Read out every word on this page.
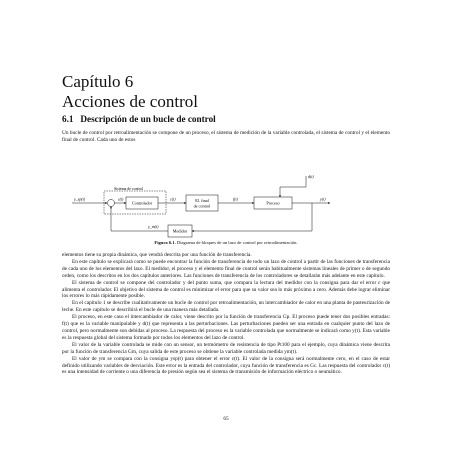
Capítulo 6
Acciones de control
6.1 Descripción de un bucle de control

Un bucle de control por retroalimentación se compone de un proceso, el sistema de medición de la variable controlada, el sistema de control y el elemento final de control. Cada uno de estos

Sistema de control
y_sp(t)	ε(t)
Controlador
c(t)	El. final
de control
f(t)
Proceso
d(t)
y(t)
Medidor
y_m(t)
Figura 6.1. Diagrama de bloques de un lazo de control por retroalimentación.

elementos tiene su propia dinámica, que vendrá descrita por una función de transferencia.

En este capítulo se explicará como se puede encontrar la función de transferencia de todo un lazo de control a partir de las funciones de transferencia de cada uno de los elementos del lazo. El medidor, el proceso y el elemento final de control serán habitualmente sistemas lineales de primer o de segundo orden, como los descritos en los dos capítulos anteriores. Las funciones de transferencia de los controladores se detallarán más adelante en este capítulo.

El sistema de control se compone del controlador y del punto suma, que compara la lectura del medidor con la consigna para dar el error ε que alimenta el controlador. El objetivo del sistema de control es minimizar el error para que su valor sea lo más próximo a cero. Además debe lograr eliminar los errores lo más rápidamente posible.

En el capítulo 1 se describe cualitativamente un bucle de control por retroalimentación, un intercambiador de calor en una planta de pasteurización de leche. En este capítulo se describirá el bucle de una manera más detallada.

El proceso, en este caso el intercambiador de calor, viene descrito por la función de transferencia Gp. El proceso puede tener dos posibles entradas: f(t) que es la variable manipulable y d(t) que representa a las perturbaciones. Las perturbaciones pueden ser una entrada en cualquier punto del lazo de control, pero normalmente son debidas al proceso. La respuesta del proceso es la variable controlada que normalmente se indicará como y(t). Esta variable es la respuesta global del sistema formado por todos los elementos del lazo de control.

El valor de la variable controlada se mide con un sensor, un termómetro de resistencia de tipo Pt100 para el ejemplo, cuya dinámica viene descrita por la función de transferencia Gm, cuya salida de este proceso se obtiene la variable controlada medida ym(t).

El valor de ym se compara con la consigna ysp(t) para obtener el error ε(t). El valor de la consigna será normalmente cero, en el caso de estar definido utilizando variables de desviación. Este error es la entrada del controlador, cuya función de transferencia es Gc. Las respuesta del controlador c(t) es una intensidad de corriente o una diferencia de presión según sea el sistema de transmisión de información eléctrico o neumático.

65
